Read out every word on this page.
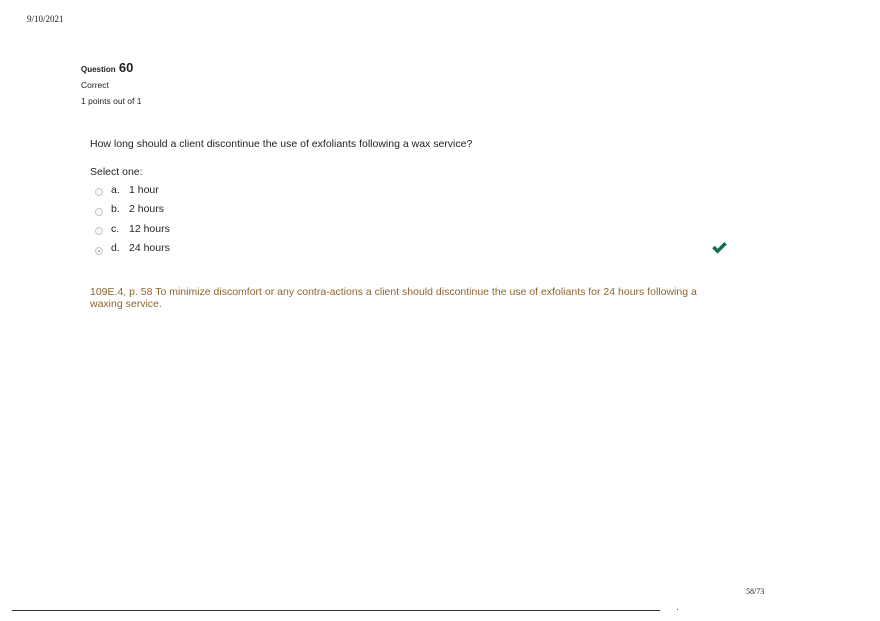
9/10/2021
Question 60
Correct
1 points out of 1
How long should a client discontinue the use of exfoliants following a wax service?
Select one:
a. 1 hour
b. 2 hours
c. 12 hours
d. 24 hours
109E.4, p. 58 To minimize discomfort or any contra-actions a client should discontinue the use of exfoliants for 24 hours following a waxing service.
58/73
